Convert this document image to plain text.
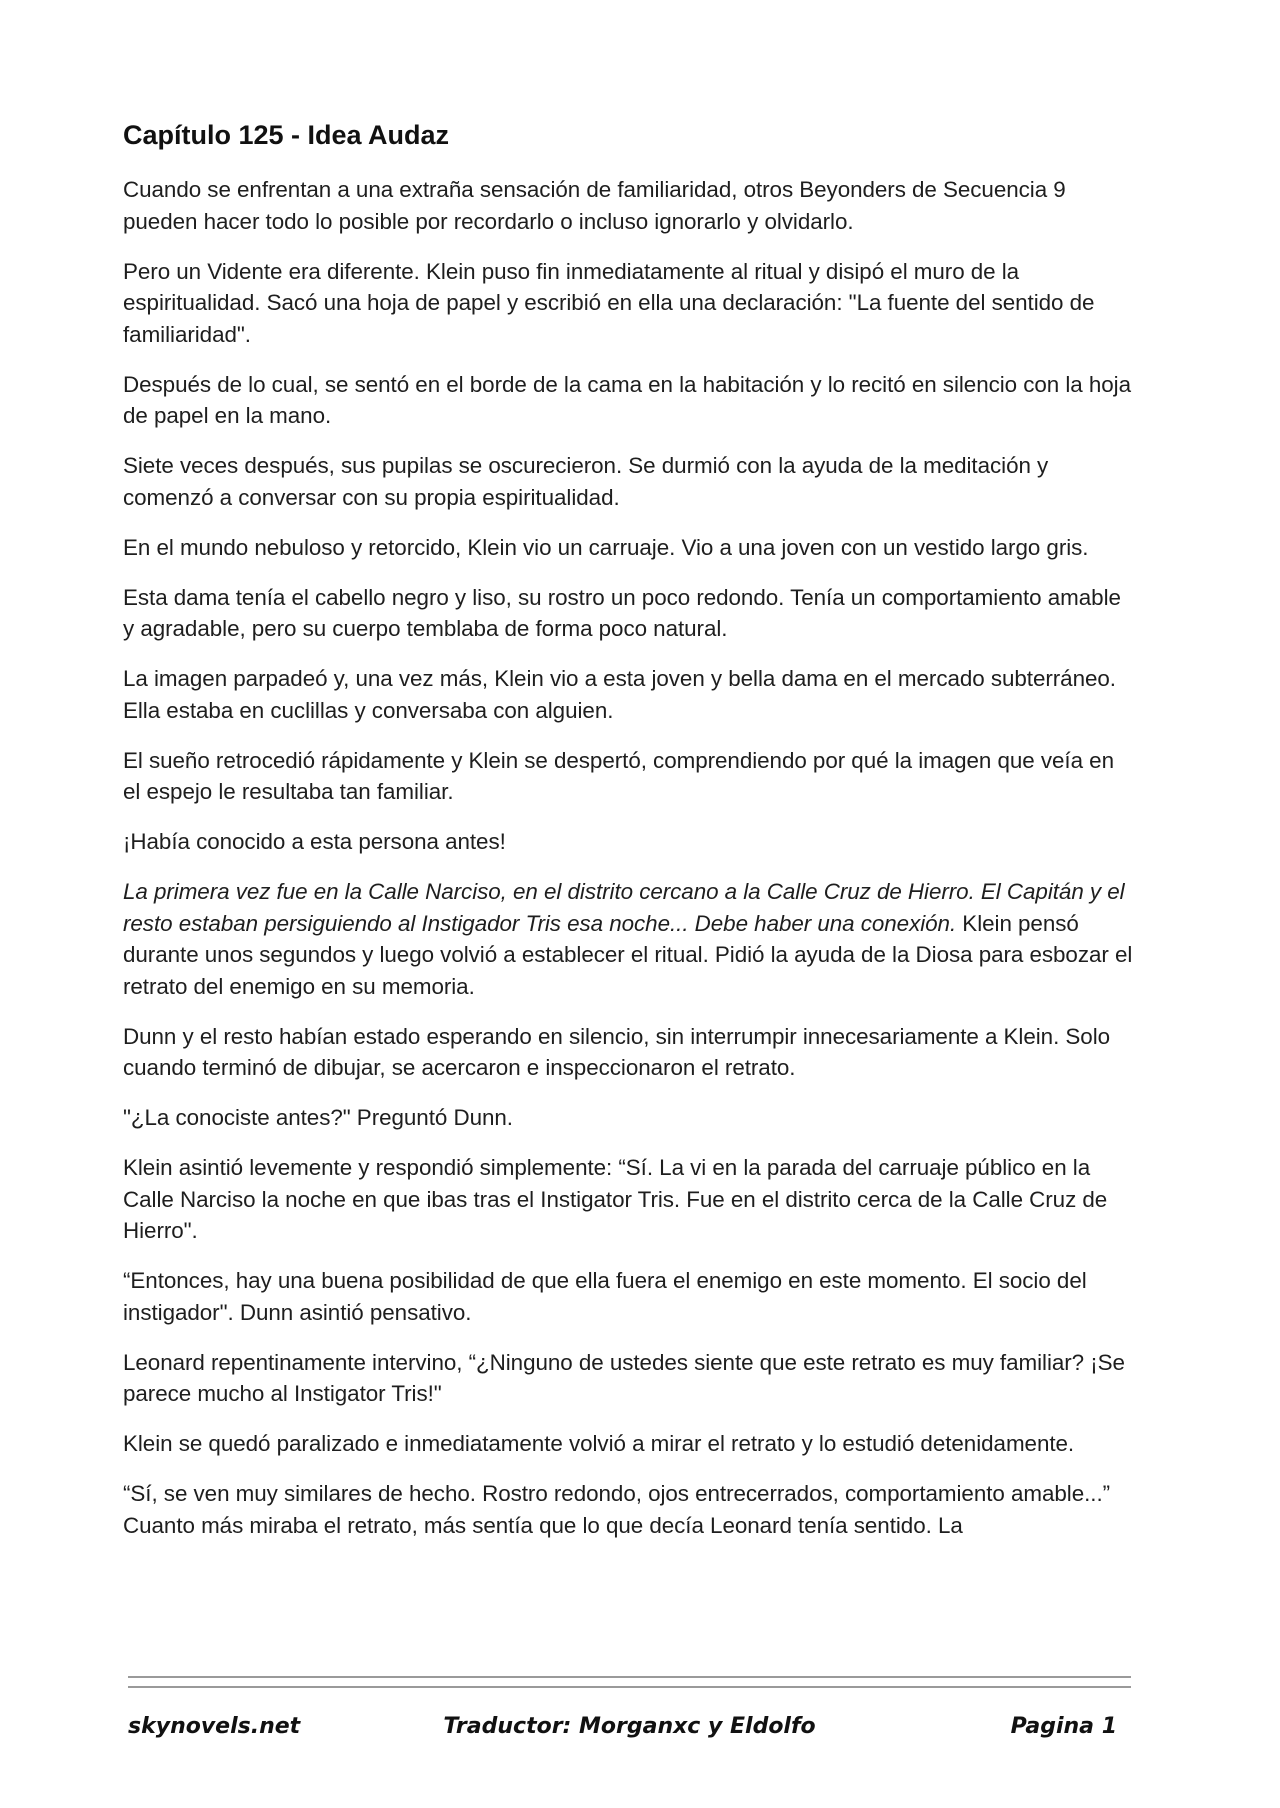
Capítulo 125 - Idea Audaz

Cuando se enfrentan a una extraña sensación de familiaridad, otros Beyonders de Secuencia 9 pueden hacer todo lo posible por recordarlo o incluso ignorarlo y olvidarlo.

Pero un Vidente era diferente. Klein puso fin inmediatamente al ritual y disipó el muro de la espiritualidad. Sacó una hoja de papel y escribió en ella una declaración: "La fuente del sentido de familiaridad".

Después de lo cual, se sentó en el borde de la cama en la habitación y lo recitó en silencio con la hoja de papel en la mano.

Siete veces después, sus pupilas se oscurecieron. Se durmió con la ayuda de la meditación y comenzó a conversar con su propia espiritualidad.

En el mundo nebuloso y retorcido, Klein vio un carruaje. Vio a una joven con un vestido largo gris.

Esta dama tenía el cabello negro y liso, su rostro un poco redondo. Tenía un comportamiento amable y agradable, pero su cuerpo temblaba de forma poco natural.

La imagen parpadeó y, una vez más, Klein vio a esta joven y bella dama en el mercado subterráneo. Ella estaba en cuclillas y conversaba con alguien.

El sueño retrocedió rápidamente y Klein se despertó, comprendiendo por qué la imagen que veía en el espejo le resultaba tan familiar.

¡Había conocido a esta persona antes!

La primera vez fue en la Calle Narciso, en el distrito cercano a la Calle Cruz de Hierro. El Capitán y el resto estaban persiguiendo al Instigador Tris esa noche... Debe haber una conexión. Klein pensó durante unos segundos y luego volvió a establecer el ritual. Pidió la ayuda de la Diosa para esbozar el retrato del enemigo en su memoria.

Dunn y el resto habían estado esperando en silencio, sin interrumpir innecesariamente a Klein. Solo cuando terminó de dibujar, se acercaron e inspeccionaron el retrato.

"¿La conociste antes?" Preguntó Dunn.

Klein asintió levemente y respondió simplemente: “Sí. La vi en la parada del carruaje público en la Calle Narciso la noche en que ibas tras el Instigator Tris. Fue en el distrito cerca de la Calle Cruz de Hierro".

“Entonces, hay una buena posibilidad de que ella fuera el enemigo en este momento. El socio del instigador". Dunn asintió pensativo.

Leonard repentinamente intervino, “¿Ninguno de ustedes siente que este retrato es muy familiar? ¡Se parece mucho al Instigator Tris!"

Klein se quedó paralizado e inmediatamente volvió a mirar el retrato y lo estudió detenidamente.

“Sí, se ven muy similares de hecho. Rostro redondo, ojos entrecerrados, comportamiento amable...” Cuanto más miraba el retrato, más sentía que lo que decía Leonard tenía sentido. La

skynovels.net	Traductor: Morganxc y Eldolfo	Pagina 1
